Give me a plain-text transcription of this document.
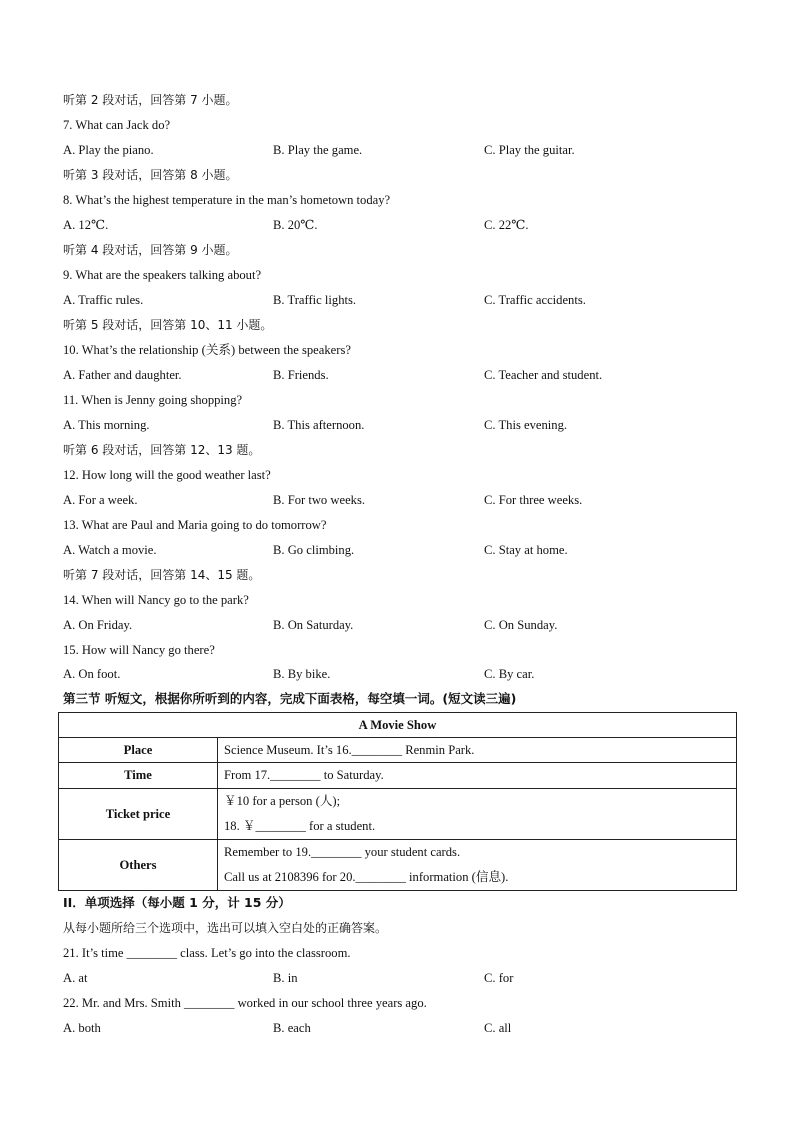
听第 2 段对话，回答第 7 小题。
7. What can Jack do?
A. Play the piano.	B. Play the game.	C. Play the guitar.
听第 3 段对话，回答第 8 小题。
8. What’s the highest temperature in the man’s hometown today?
A. 12℃.	B. 20℃.	C. 22℃.
听第 4 段对话，回答第 9 小题。
9. What are the speakers talking about?
A. Traffic rules.	B. Traffic lights.	C. Traffic accidents.
听第 5 段对话，回答第 10、11 小题。
10. What’s the relationship (关系) between the speakers?
A. Father and daughter.	B. Friends.	C. Teacher and student.
11. When is Jenny going shopping?
A. This morning.	B. This afternoon.	C. This evening.
听第 6 段对话，回答第 12、13 题。
12. How long will the good weather last?
A. For a week.	B. For two weeks.	C. For three weeks.
13. What are Paul and Maria going to do tomorrow?
A. Watch a movie.	B. Go climbing.	C. Stay at home.
听第 7 段对话，回答第 14、15 题。
14. When will Nancy go to the park?
A. On Friday.	B. On Saturday.	C. On Sunday.
15. How will Nancy go there?
A. On foot.	B. By bike.	C. By car.
第三节 听短文，根据你所听到的内容，完成下面表格，每空填一词。(短文读三遍)
A Movie Show	
Place	Science Museum. It’s 16.________ Renmin Park.
Time	From 17.________ to Saturday.
Ticket price	￥10 for a person (人);
18. ￥________ for a student.

Others	Remember to 19.________ your student cards.
Call us at 2108396 for 20.________ information (信息).
II．单项选择（每小题 1 分，计 15 分）
从每小题所给三个选项中，选出可以填入空白处的正确答案。
21. It’s time ________ class. Let’s go into the classroom.
A. at	B. in	C. for
22. Mr. and Mrs. Smith ________ worked in our school three years ago.
A. both	B. each	C. all
